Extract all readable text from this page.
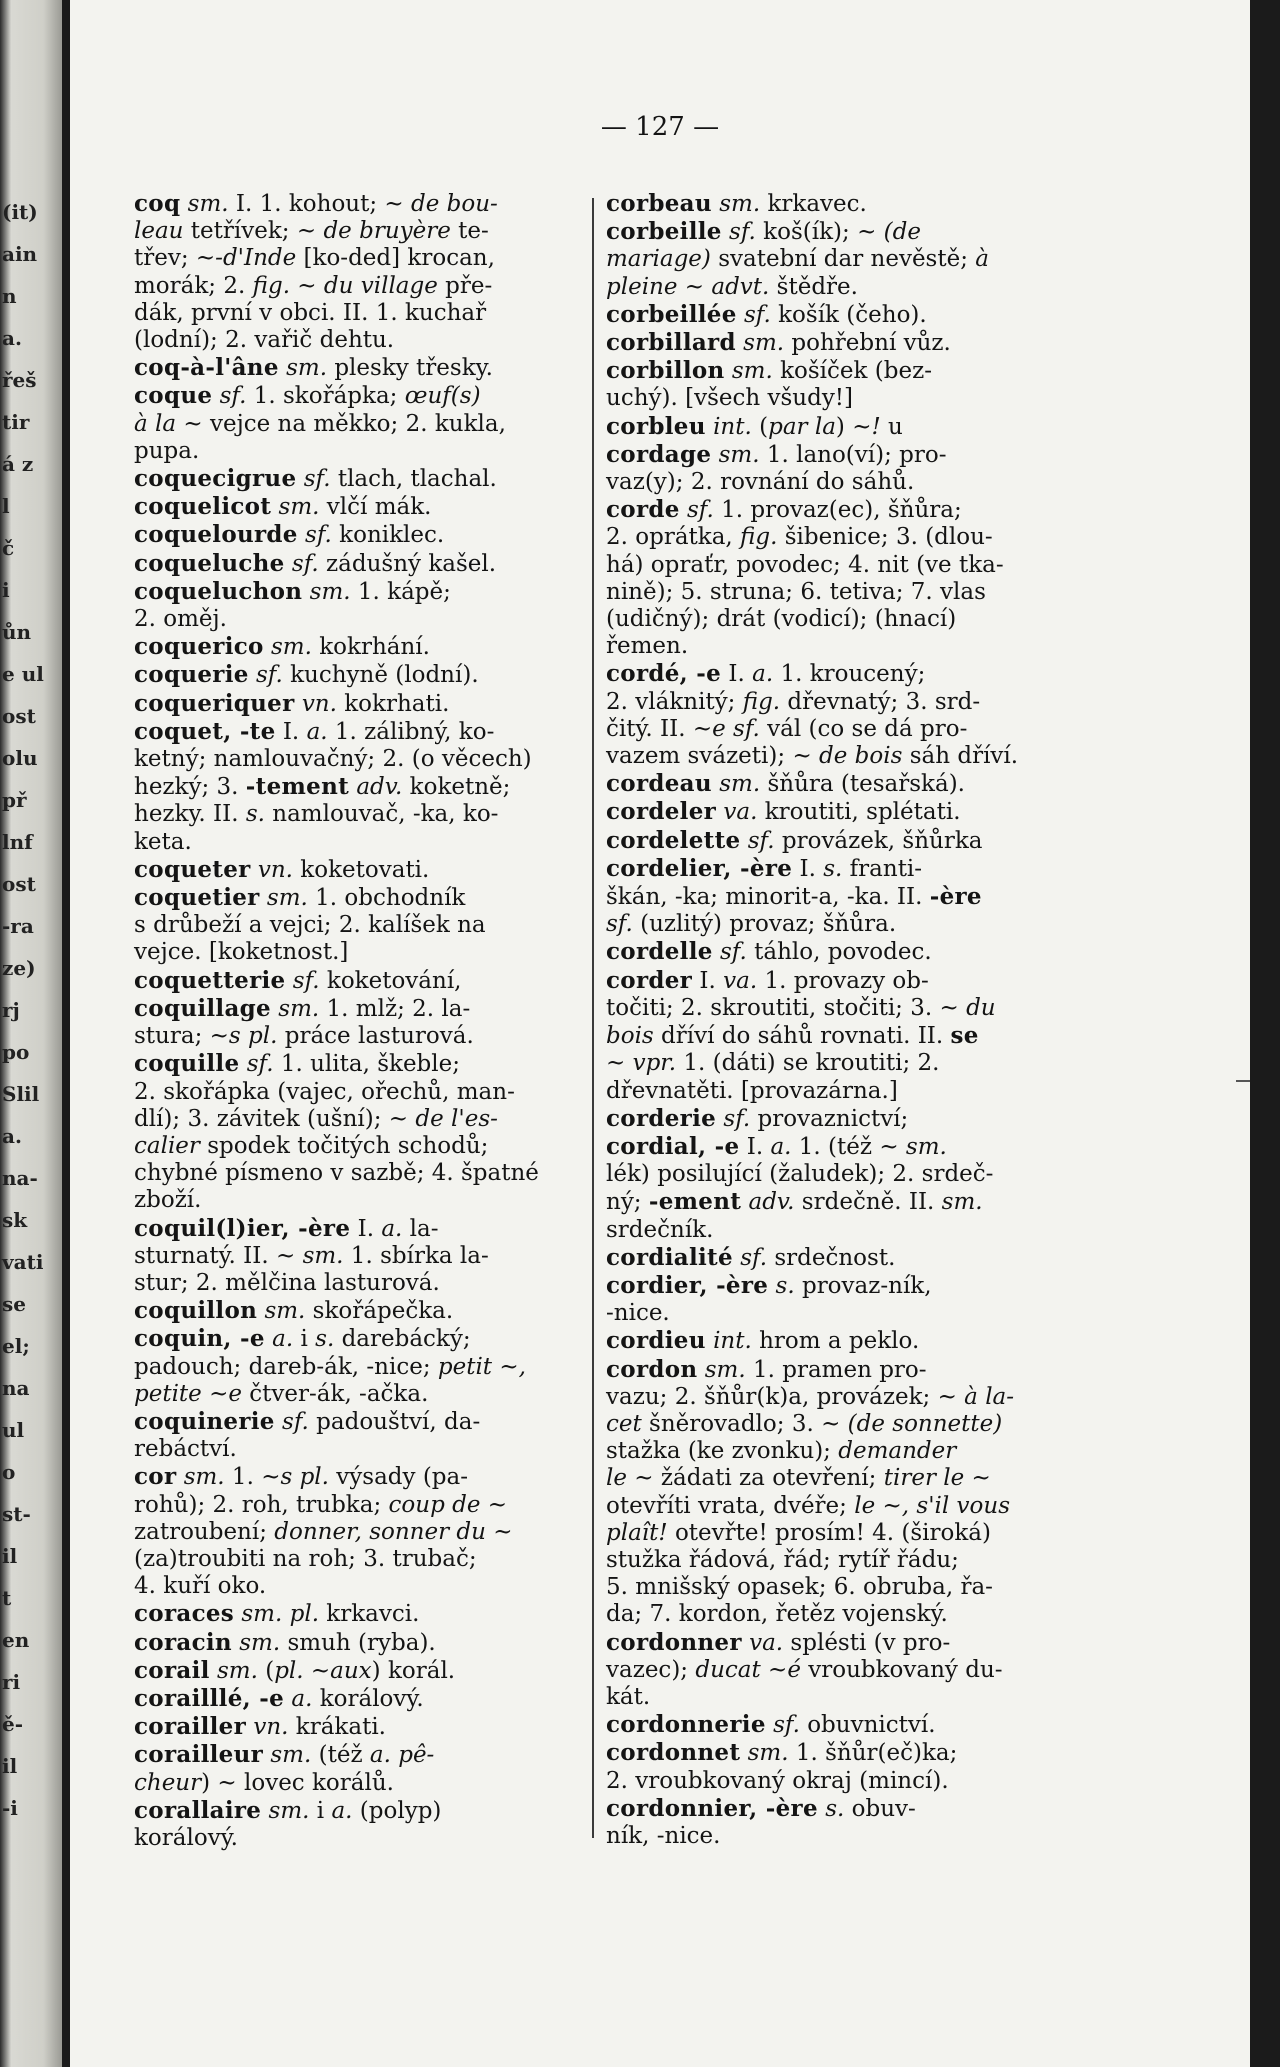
(it)
ain
n
a.
řeš
tir
á z
l
č
i
ůn
e ul
ost
olu
př
lnf
ost
-ra
ze)
rj
po
Slil
a.
na-
sk
vati
se
el;
na
ul
o
st-
il
t
en
ri
ě-
il
-i
— 127 —
coq sm. I. 1. kohout; ~ de bou-
leau tetřívek; ~ de bruyère te-
třev; ~-d'Inde [ko-ded] krocan,
morák; 2. fig. ~ du village pře-
dák, první v obci. II. 1. kuchař
(lodní); 2. vařič dehtu.
coq-à-l'âne sm. plesky třesky.
coque sf. 1. skořápka; œuf(s)
à la ~ vejce na měkko; 2. kukla,
pupa.
coquecigrue sf. tlach, tlachal.
coquelicot sm. vlčí mák.
coquelourde sf. koniklec.
coqueluche sf. zádušný kašel.
coqueluchon sm. 1. kápě;
2. oměj.
coquerico sm. kokrhání.
coquerie sf. kuchyně (lodní).
coqueriquer vn. kokrhati.
coquet, -te I. a. 1. zálibný, ko-
ketný; namlouvačný; 2. (o věcech)
hezký; 3. -tement adv. koketně;
hezky. II. s. namlouvač, -ka, ko-
keta.
coqueter vn. koketovati.
coquetier sm. 1. obchodník
s drůbeží a vejci; 2. kalíšek na
vejce. [koketnost.]
coquetterie sf. koketování,
coquillage sm. 1. mlž; 2. la-
stura; ~s pl. práce lasturová.
coquille sf. 1. ulita, škeble;
2. skořápka (vajec, ořechů, man-
dlí); 3. závitek (ušní); ~ de l'es-
calier spodek točitých schodů;
chybné písmeno v sazbě; 4. špatné
zboží.
coquil(l)ier, -ère I. a. la-
sturnatý. II. ~ sm. 1. sbírka la-
stur; 2. mělčina lasturová.
coquillon sm. skořápečka.
coquin, -e a. i s. darebácký;
padouch; dareb-ák, -nice; petit ~,
petite ~e čtver-ák, -ačka.
coquinerie sf. padouštví, da-
rebáctví.
cor sm. 1. ~s pl. výsady (pa-
rohů); 2. roh, trubka; coup de ~
zatroubení; donner, sonner du ~
(za)troubiti na roh; 3. trubač;
4. kuří oko.
coraces sm. pl. krkavci.
coracin sm. smuh (ryba).
corail sm. (pl. ~aux) korál.
corailllé, -e a. korálový.
corailler vn. krákati.
corailleur sm. (též a. pê-
cheur) ~ lovec korálů.
corallaire sm. i a. (polyp)
korálový.
corbeau sm. krkavec.
corbeille sf. koš(ík); ~ (de
mariage) svatební dar nevěstě; à
pleine ~ advt. štědře.
corbeillée sf. košík (čeho).
corbillard sm. pohřební vůz.
corbillon sm. košíček (bez-
uchý). [všech všudy!]
corbleu int. (par la) ~! u
cordage sm. 1. lano(ví); pro-
vaz(y); 2. rovnání do sáhů.
corde sf. 1. provaz(ec), šňůra;
2. oprátka, fig. šibenice; 3. (dlou-
há) opraťr, povodec; 4. nit (ve tka-
nině); 5. struna; 6. tetiva; 7. vlas
(udičný); drát (vodicí); (hnací)
řemen.
cordé, -e I. a. 1. kroucený;
2. vláknitý; fig. dřevnatý; 3. srd-
čitý. II. ~e sf. vál (co se dá pro-
vazem svázeti); ~ de bois sáh dříví.
cordeau sm. šňůra (tesařská).
cordeler va. kroutiti, splétati.
cordelette sf. provázek, šňůrka
cordelier, -ère I. s. franti-
škán, -ka; minorit-a, -ka. II. -ère
sf. (uzlitý) provaz; šňůra.
cordelle sf. táhlo, povodec.
corder I. va. 1. provazy ob-
točiti; 2. skroutiti, stočiti; 3. ~ du
bois dříví do sáhů rovnati. II. se
~ vpr. 1. (dáti) se kroutiti; 2.
dřevnatěti. [provazárna.]
corderie sf. provaznictví;
cordial, -e I. a. 1. (též ~ sm.
lék) posilující (žaludek); 2. srdeč-
ný; -ement adv. srdečně. II. sm.
srdečník.
cordialité sf. srdečnost.
cordier, -ère s. provaz-ník,
-nice.
cordieu int. hrom a peklo.
cordon sm. 1. pramen pro-
vazu; 2. šňůr(k)a, provázek; ~ à la-
cet šněrovadlo; 3. ~ (de sonnette)
stažka (ke zvonku); demander
le ~ žádati za otevření; tirer le ~
otevříti vrata, dvéře; le ~, s'il vous
plaît! otevřte! prosím! 4. (široká)
stužka řádová, řád; rytíř řádu;
5. mnišský opasek; 6. obruba, řa-
da; 7. kordon, řetěz vojenský.
cordonner va. splésti (v pro-
vazec); ducat ~é vroubkovaný du-
kát.
cordonnerie sf. obuvnictví.
cordonnet sm. 1. šňůr(eč)ka;
2. vroubkovaný okraj (mincí).
cordonnier, -ère s. obuv-
ník, -nice.
